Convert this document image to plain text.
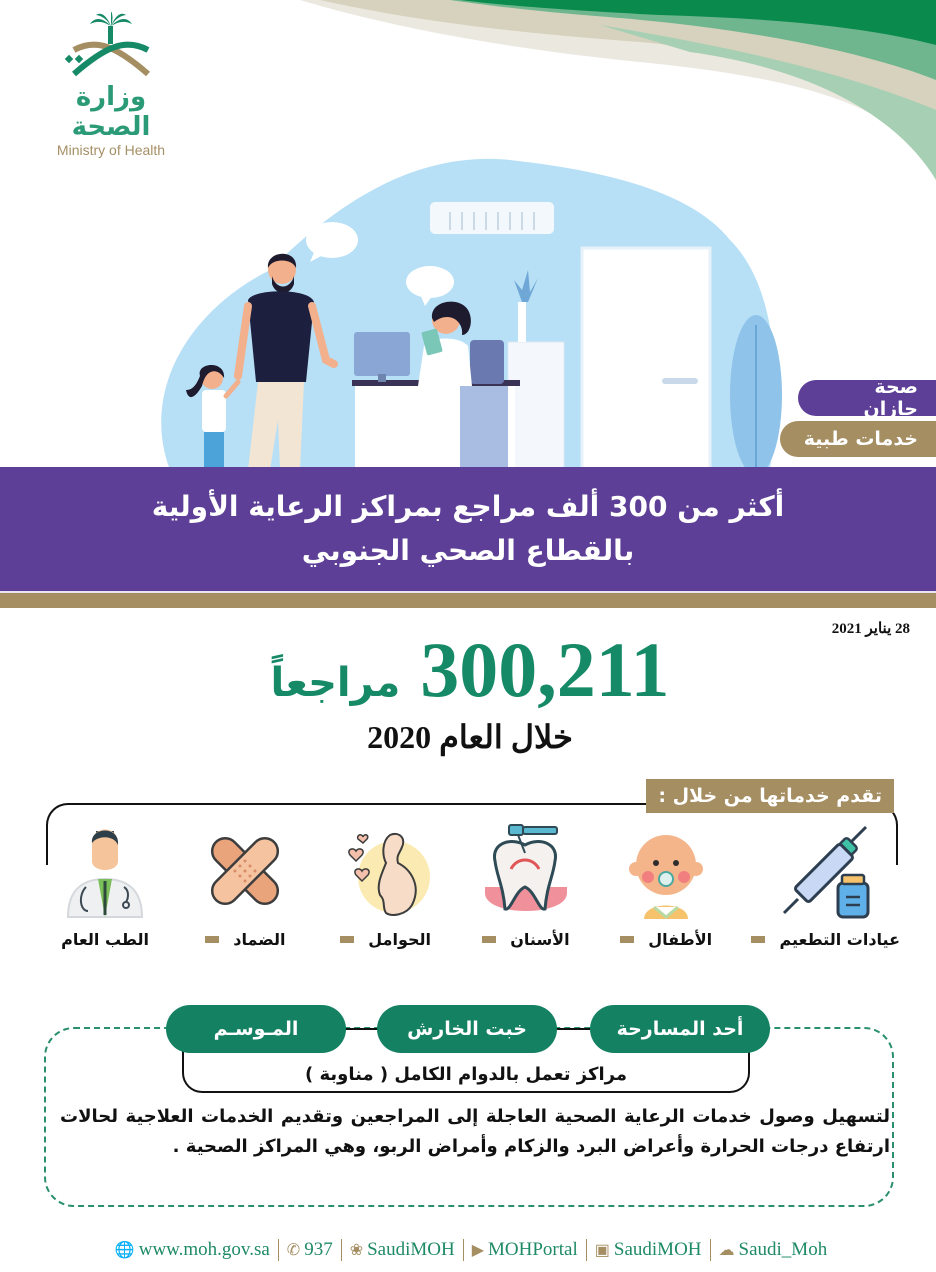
وزارة الصحة
Ministry of Health
صحة جازان
خدمات طبية
أكثر من 300 ألف مراجع بمراكز الرعاية الأولية
بالقطاع الصحي الجنوبي
28 يناير 2021
300,211
مراجعاً
خلال العام 2020
تقدم خدماتها من خلال :
عيادات التطعيم
الأطفال
الأسنان
الحوامل
الضماد
الطب العام
مراكز تعمل بالدوام الكامل ( مناوبة )
أحد المسارحة
خبت الخارش
المـوسـم
لتسهيل وصول خدمات الرعاية الصحية العاجلة إلى المراجعين وتقديم الخدمات العلاجية لحالات ارتفاع درجات الحرارة وأعراض البرد والزكام وأمراض الربو، وهي المراكز الصحية .
🌐 www.moh.gov.sa ✆ 937 ❀ SaudiMOH ▶ MOHPortal ▣ SaudiMOH ☁ Saudi_Moh
